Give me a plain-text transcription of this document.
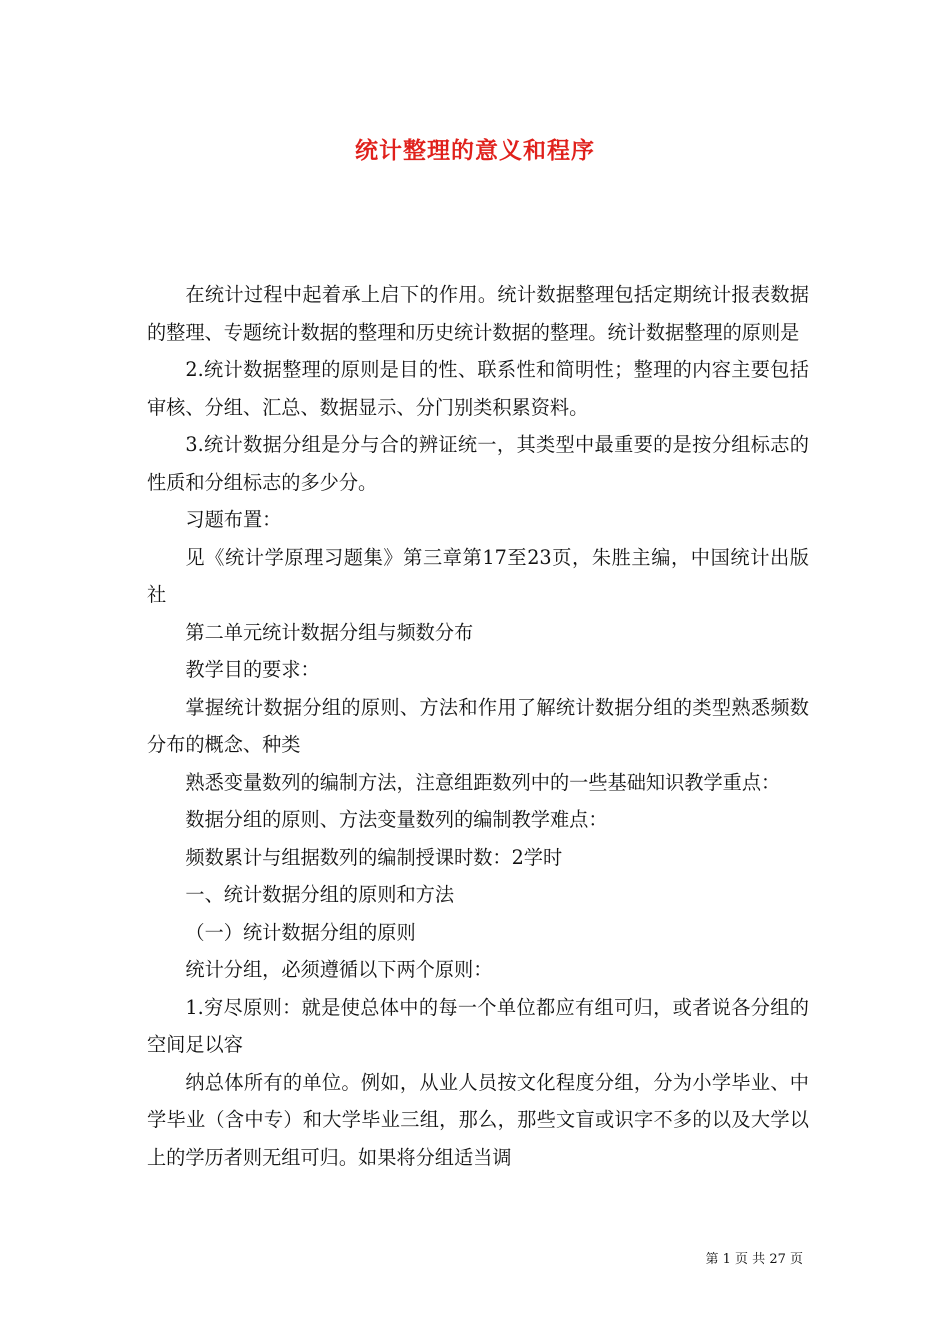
统计整理的意义和程序

在统计过程中起着承上启下的作用。统计数据整理包括定期统计报表数据的整理、专题统计数据的整理和历史统计数据的整理。统计数据整理的原则是

2.统计数据整理的原则是目的性、联系性和简明性；整理的内容主要包括审核、分组、汇总、数据显示、分门别类积累资料。

3.统计数据分组是分与合的辨证统一，其类型中最重要的是按分组标志的性质和分组标志的多少分。

习题布置：

见《统计学原理习题集》第三章第17至23页，朱胜主编，中国统计出版社

第二单元统计数据分组与频数分布

教学目的要求：

掌握统计数据分组的原则、方法和作用了解统计数据分组的类型熟悉频数分布的概念、种类

熟悉变量数列的编制方法，注意组距数列中的一些基础知识教学重点：

数据分组的原则、方法变量数列的编制教学难点：

频数累计与组据数列的编制授课时数：2学时

一、统计数据分组的原则和方法

（一）统计数据分组的原则

统计分组，必须遵循以下两个原则：

1.穷尽原则：就是使总体中的每一个单位都应有组可归，或者说各分组的空间足以容

纳总体所有的单位。例如，从业人员按文化程度分组，分为小学毕业、中学毕业（含中专）和大学毕业三组，那么，那些文盲或识字不多的以及大学以上的学历者则无组可归。如果将分组适当调

第 1 页 共 27 页
